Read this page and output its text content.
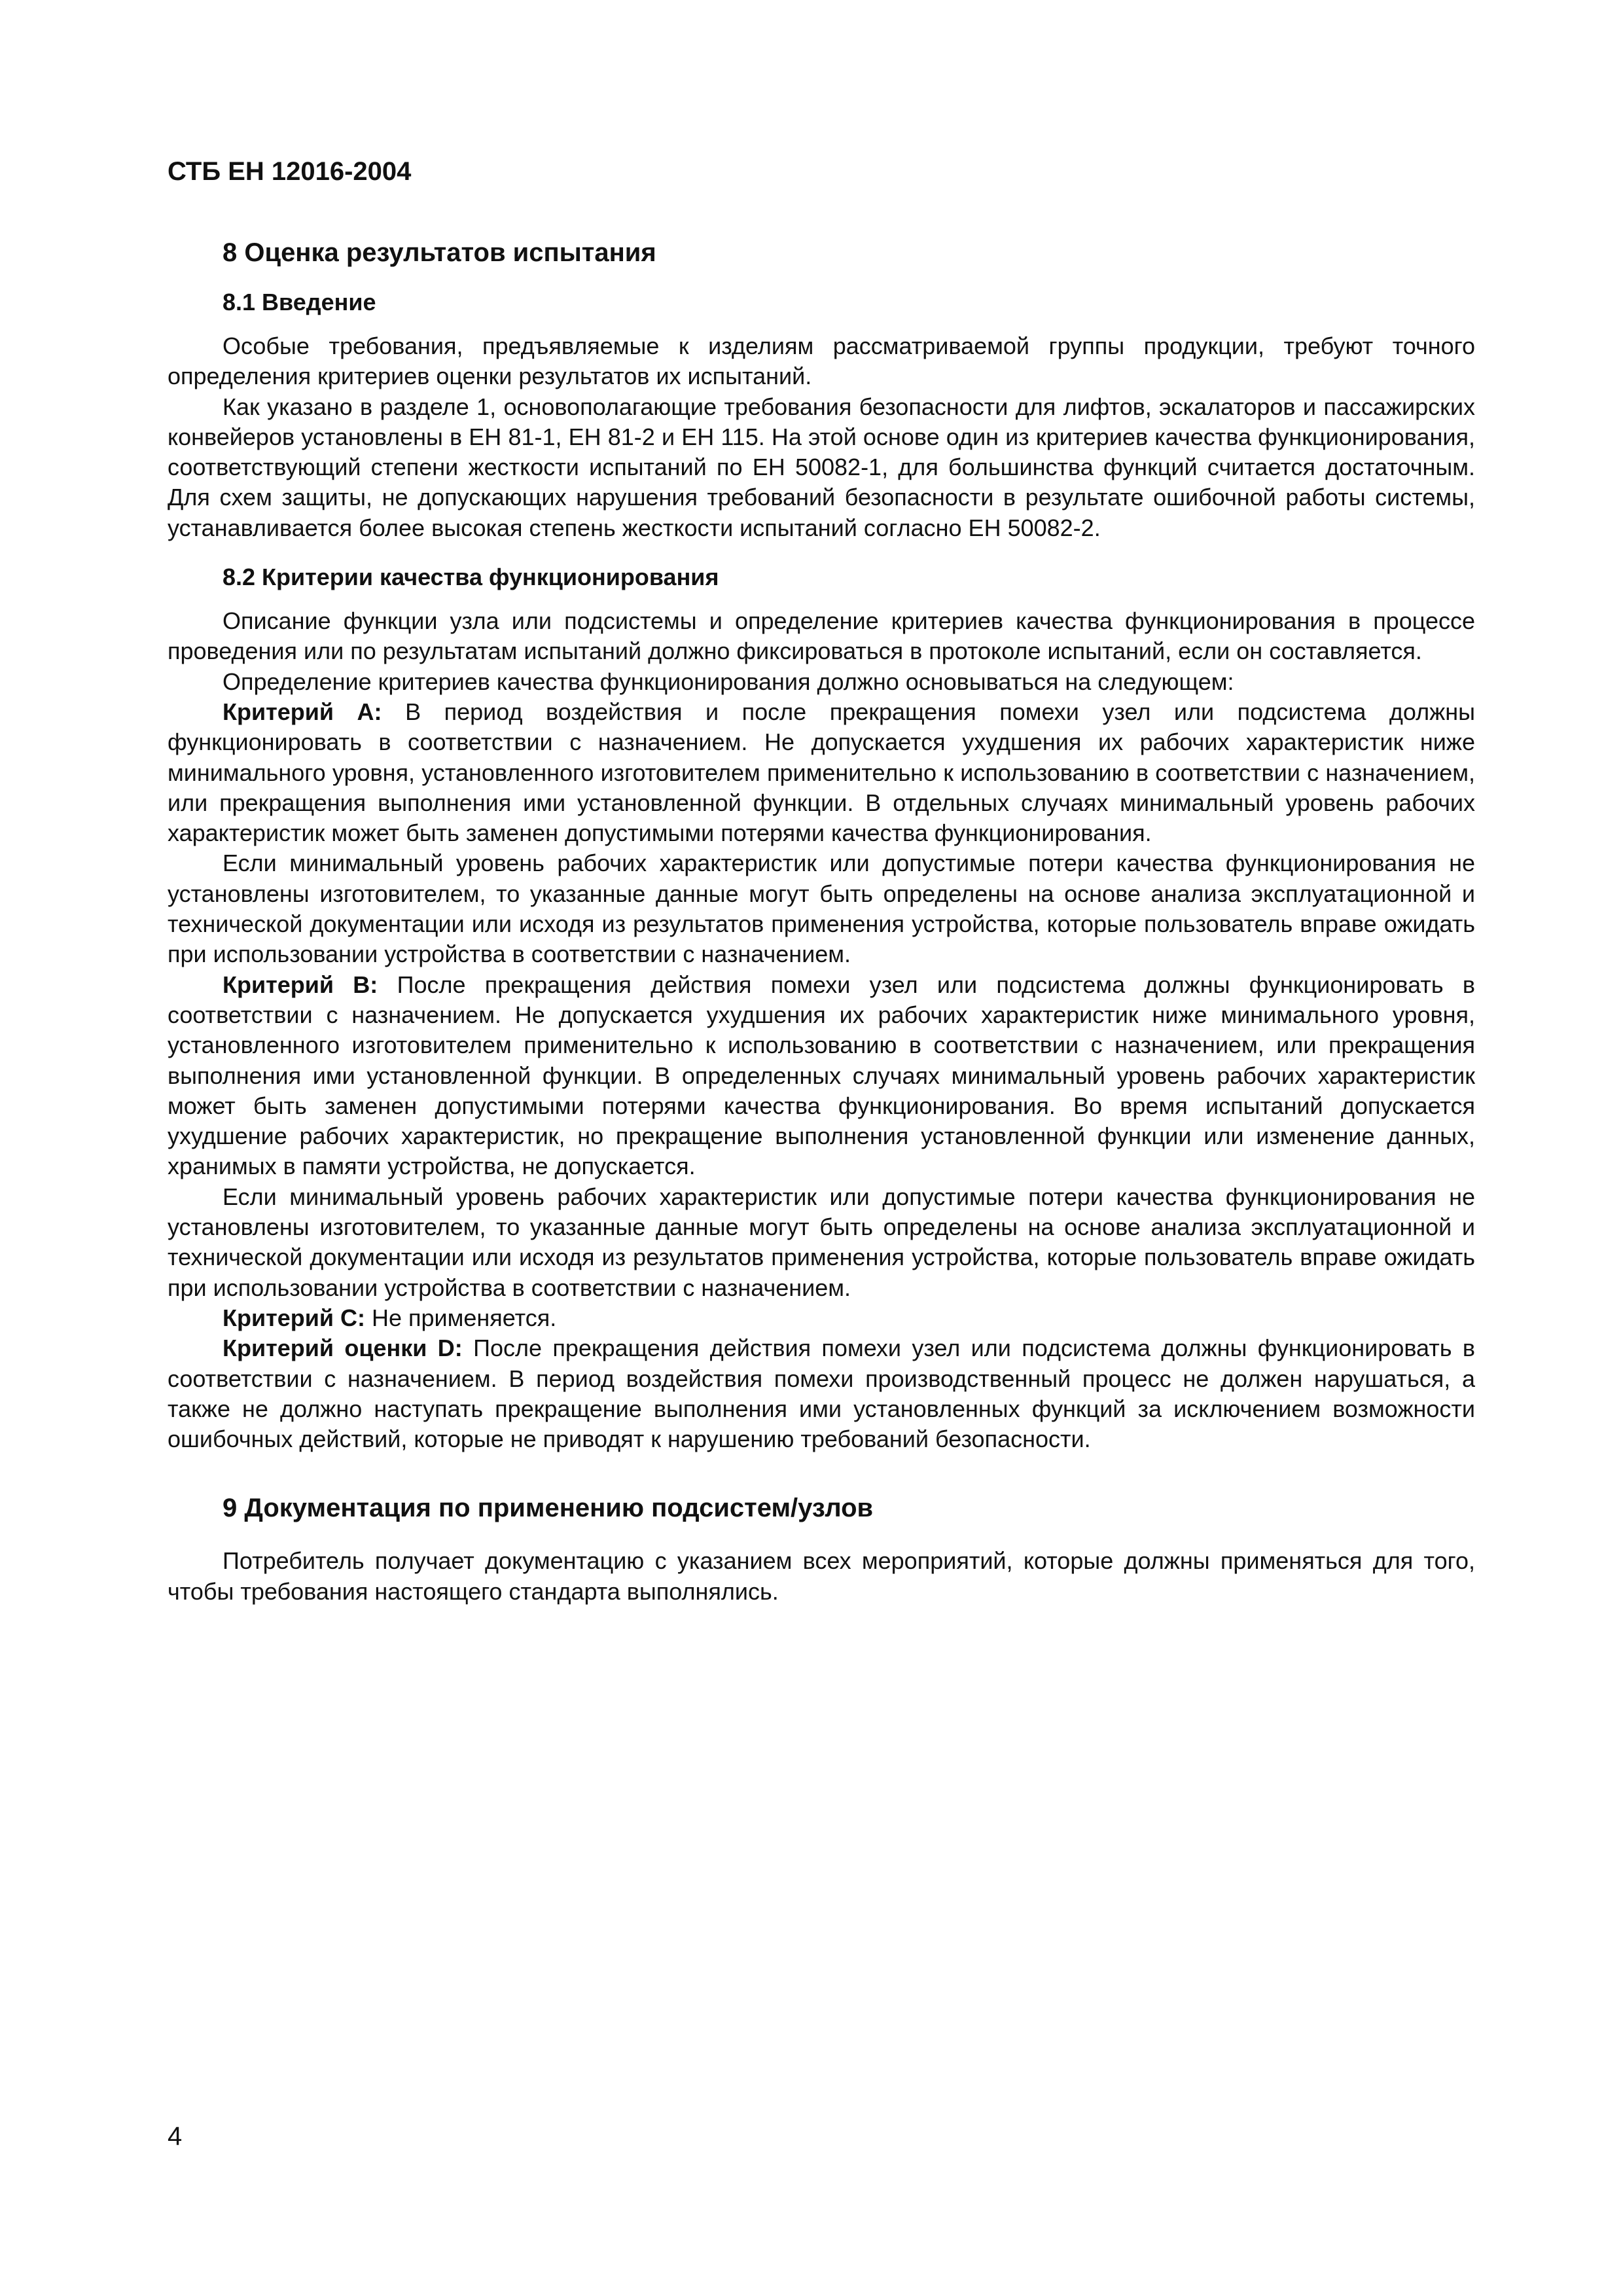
СТБ ЕН 12016-2004
8 Оценка результатов испытания
8.1 Введение

Особые требования, предъявляемые к изделиям рассматриваемой группы продукции, требуют точного определения критериев оценки результатов их испытаний.

Как указано в разделе 1, основополагающие требования безопасности для лифтов, эскалаторов и пассажирских конвейеров установлены в ЕН 81-1, ЕН 81-2 и ЕН 115. На этой основе один из критериев качества функционирования, соответствующий степени жесткости испытаний по ЕН 50082-1, для большинства функций считается достаточным. Для схем защиты, не допускающих нарушения требований безопасности в результате ошибочной работы системы, устанавливается более высокая степень жесткости испытаний согласно ЕН 50082-2.

8.2 Критерии качества функционирования

Описание функции узла или подсистемы и определение критериев качества функционирования в процессе проведения или по результатам испытаний должно фиксироваться в протоколе испытаний, если он составляется.

Определение критериев качества функционирования должно основываться на следующем:

Критерий А: В период воздействия и после прекращения помехи узел или подсистема должны функционировать в соответствии с назначением. Не допускается ухудшения их рабочих характеристик ниже минимального уровня, установленного изготовителем применительно к использованию в соответствии с назначением, или прекращения выполнения ими установленной функции. В отдельных случаях минимальный уровень рабочих характеристик может быть заменен допустимыми потерями качества функционирования.

Если минимальный уровень рабочих характеристик или допустимые потери качества функционирования не установлены изготовителем, то указанные данные могут быть определены на основе анализа эксплуатационной и технической документации или исходя из результатов применения устройства, которые пользователь вправе ожидать при использовании устройства в соответствии с назначением.

Критерий В: После прекращения действия помехи узел или подсистема должны функционировать в соответствии с назначением. Не допускается ухудшения их рабочих характеристик ниже минимального уровня, установленного изготовителем применительно к использованию в соответствии с назначением, или прекращения выполнения ими установленной функции. В определенных случаях минимальный уровень рабочих характеристик может быть заменен допустимыми потерями качества функционирования. Во время испытаний допускается ухудшение рабочих характеристик, но прекращение выполнения установленной функции или изменение данных, хранимых в памяти устройства, не допускается.

Если минимальный уровень рабочих характеристик или допустимые потери качества функционирования не установлены изготовителем, то указанные данные могут быть определены на основе анализа эксплуатационной и технической документации или исходя из результатов применения устройства, которые пользователь вправе ожидать при использовании устройства в соответствии с назначением.

Критерий С: Не применяется.

Критерий оценки D: После прекращения действия помехи узел или подсистема должны функционировать в соответствии с назначением. В период воздействия помехи производственный процесс не должен нарушаться, а также не должно наступать прекращение выполнения ими установленных функций за исключением возможности ошибочных действий, которые не приводят к нарушению требований безопасности.

9 Документация по применению подсистем/узлов

Потребитель получает документацию с указанием всех мероприятий, которые должны применяться для того, чтобы требования настоящего стандарта выполнялись.

4
